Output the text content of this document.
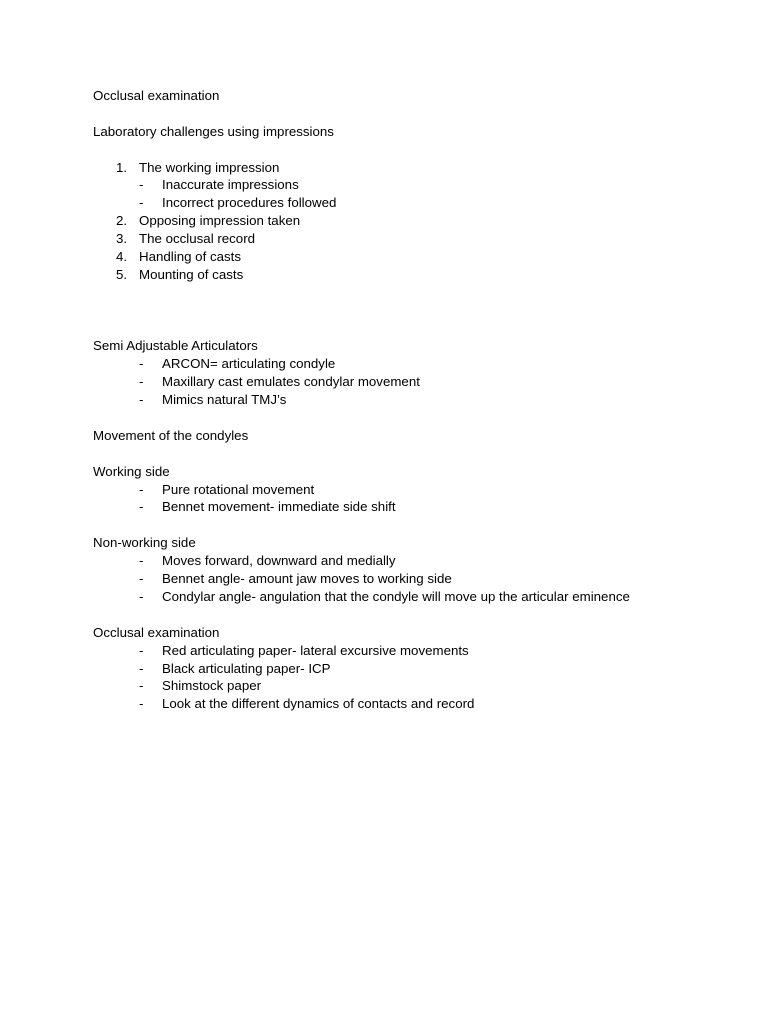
Occlusal examination
Laboratory challenges using impressions
1. The working impression
- Inaccurate impressions
- Incorrect procedures followed
2. Opposing impression taken
3. The occlusal record
4. Handling of casts
5. Mounting of casts
Semi Adjustable Articulators
- ARCON= articulating condyle
- Maxillary cast emulates condylar movement
- Mimics natural TMJ’s
Movement of the condyles
Working side
- Pure rotational movement
- Bennet movement- immediate side shift
Non-working side
- Moves forward, downward and medially
- Bennet angle- amount jaw moves to working side
- Condylar angle- angulation that the condyle will move up the articular eminence
Occlusal examination
- Red articulating paper- lateral excursive movements
- Black articulating paper- ICP
- Shimstock paper
- Look at the different dynamics of contacts and record
